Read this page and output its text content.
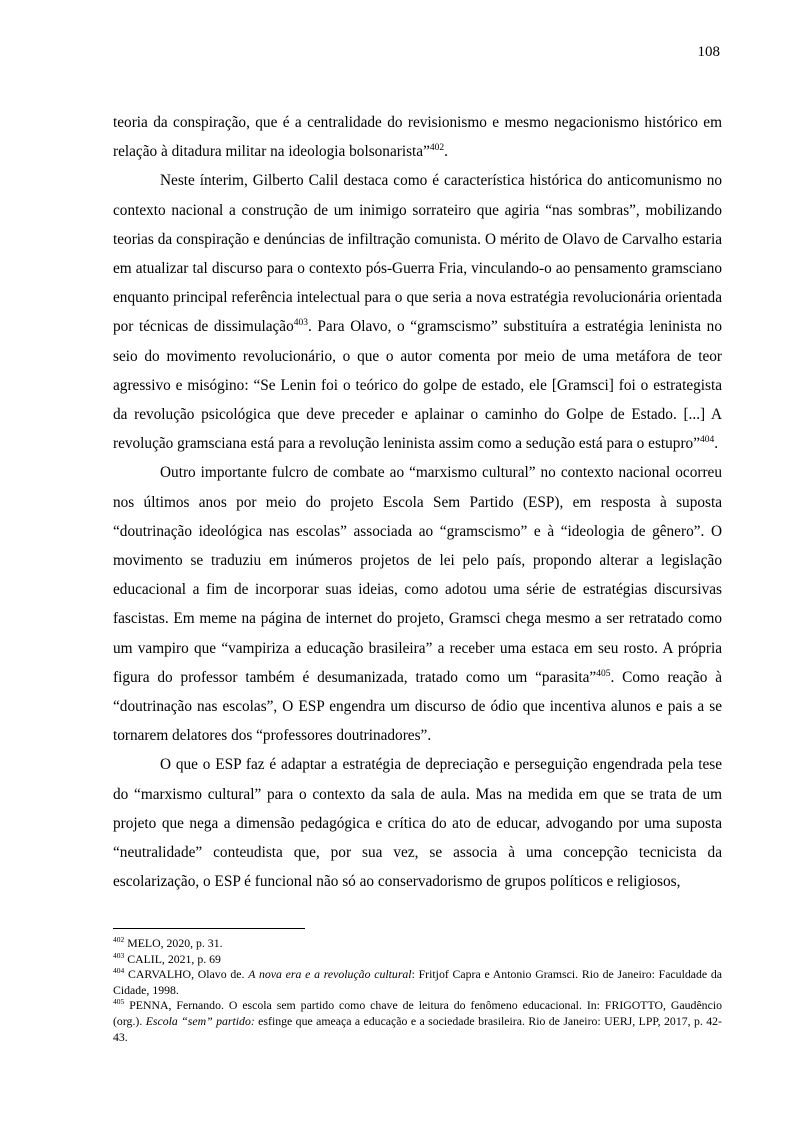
108

teoria da conspiração, que é a centralidade do revisionismo e mesmo negacionismo histórico em relação à ditadura militar na ideologia bolsonarista”$^{402}$.

Neste ínterim, Gilberto Calil destaca como é característica histórica do anticomunismo no contexto nacional a construção de um inimigo sorrateiro que agiria “nas sombras”, mobilizando teorias da conspiração e denúncias de infiltração comunista. O mérito de Olavo de Carvalho estaria em atualizar tal discurso para o contexto pós-Guerra Fria, vinculando-o ao pensamento gramsciano enquanto principal referência intelectual para o que seria a nova estratégia revolucionária orientada por técnicas de dissimulação$^{403}$. Para Olavo, o “gramscismo” substituíra a estratégia leninista no seio do movimento revolucionário, o que o autor comenta por meio de uma metáfora de teor agressivo e misógino: “Se Lenin foi o teórico do golpe de estado, ele [Gramsci] foi o estrategista da revolução psicológica que deve preceder e aplainar o caminho do Golpe de Estado. [...] A revolução gramsciana está para a revolução leninista assim como a sedução está para o estupro”$^{404}$.

Outro importante fulcro de combate ao “marxismo cultural” no contexto nacional ocorreu nos últimos anos por meio do projeto Escola Sem Partido (ESP), em resposta à suposta “doutrinação ideológica nas escolas” associada ao “gramscismo” e à “ideologia de gênero”. O movimento se traduziu em inúmeros projetos de lei pelo país, propondo alterar a legislação educacional a fim de incorporar suas ideias, como adotou uma série de estratégias discursivas fascistas. Em meme na página de internet do projeto, Gramsci chega mesmo a ser retratado como um vampiro que “vampiriza a educação brasileira” a receber uma estaca em seu rosto. A própria figura do professor também é desumanizada, tratado como um “parasita”$^{405}$. Como reação à “doutrinação nas escolas”, O ESP engendra um discurso de ódio que incentiva alunos e pais a se tornarem delatores dos “professores doutrinadores”.

O que o ESP faz é adaptar a estratégia de depreciação e perseguição engendrada pela tese do “marxismo cultural” para o contexto da sala de aula. Mas na medida em que se trata de um projeto que nega a dimensão pedagógica e crítica do ato de educar, advogando por uma suposta “neutralidade” conteudista que, por sua vez, se associa à uma concepção tecnicista da escolarização, o ESP é funcional não só ao conservadorismo de grupos políticos e religiosos,

$^{402}$ MELO, 2020, p. 31.

$^{403}$ CALIL, 2021, p. 69

$^{404}$ CARVALHO, Olavo de. A nova era e a revolução cultural: Fritjof Capra e Antonio Gramsci. Rio de Janeiro: Faculdade da Cidade, 1998.

$^{405}$ PENNA, Fernando. O escola sem partido como chave de leitura do fenômeno educacional. In: FRIGOTTO, Gaudêncio (org.). Escola “sem” partido: esfinge que ameaça a educação e a sociedade brasileira. Rio de Janeiro: UERJ, LPP, 2017, p. 42-43.
